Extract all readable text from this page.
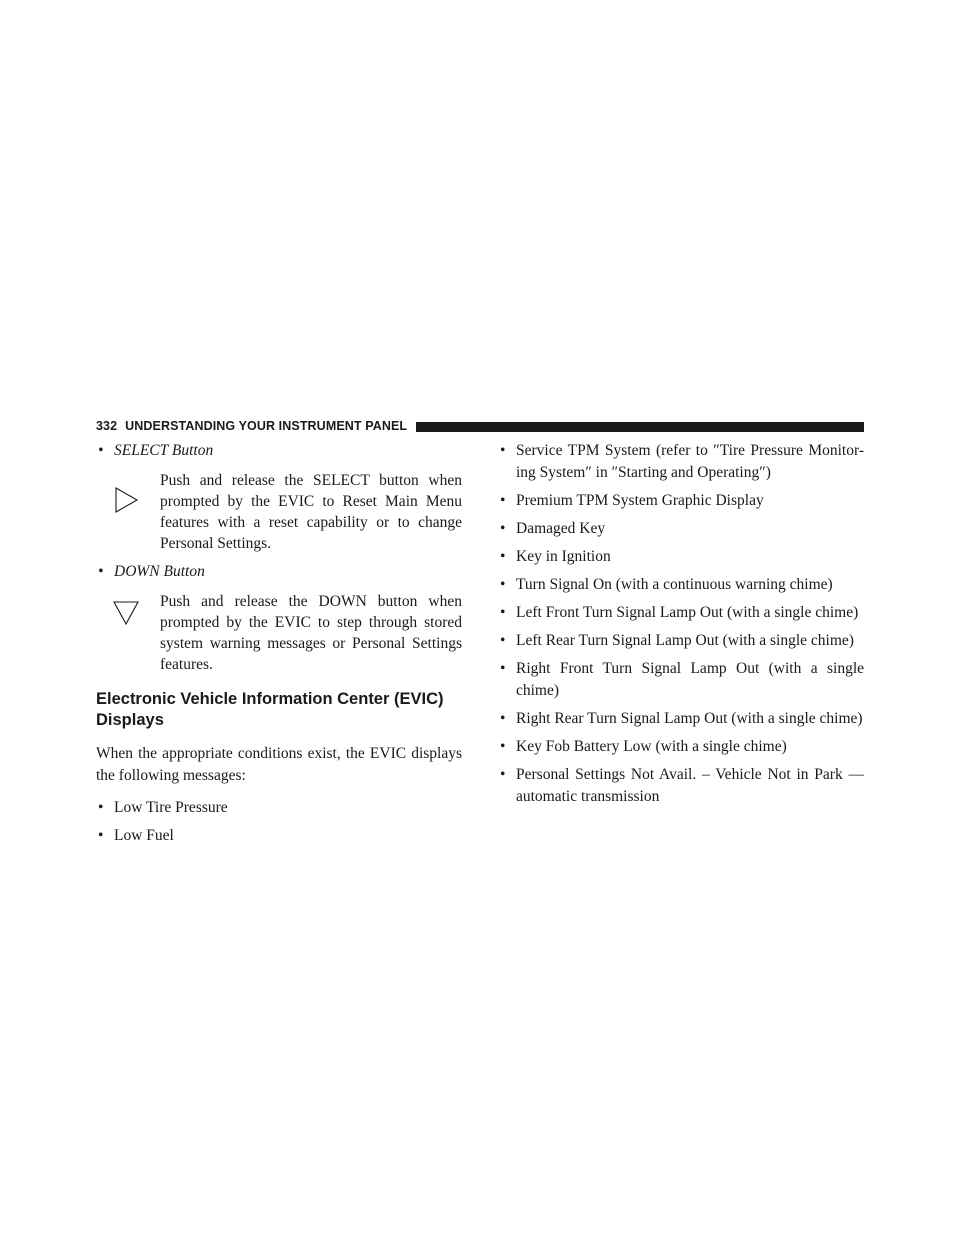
332 UNDERSTANDING YOUR INSTRUMENT PANEL
• SELECT Button
Push and release the SELECT button when prompted by the EVIC to Reset Main Menu features with a reset capability or to change Personal Settings.
• DOWN Button
Push and release the DOWN button when prompted by the EVIC to step through stored system warning messages or Personal Settings features.
Electronic Vehicle Information Center (EVIC) Displays
When the appropriate conditions exist, the EVIC displays the following messages:
• Low Tire Pressure
• Low Fuel
• Service TPM System (refer to ″Tire Pressure Monitor-ing System″ in ″Starting and Operating″)
• Premium TPM System Graphic Display
• Damaged Key
• Key in Ignition
• Turn Signal On (with a continuous warning chime)
• Left Front Turn Signal Lamp Out (with a single chime)
• Left Rear Turn Signal Lamp Out (with a single chime)
• Right Front Turn Signal Lamp Out (with a single chime)
• Right Rear Turn Signal Lamp Out (with a single chime)
• Key Fob Battery Low (with a single chime)
• Personal Settings Not Avail. – Vehicle Not in Park — automatic transmission
